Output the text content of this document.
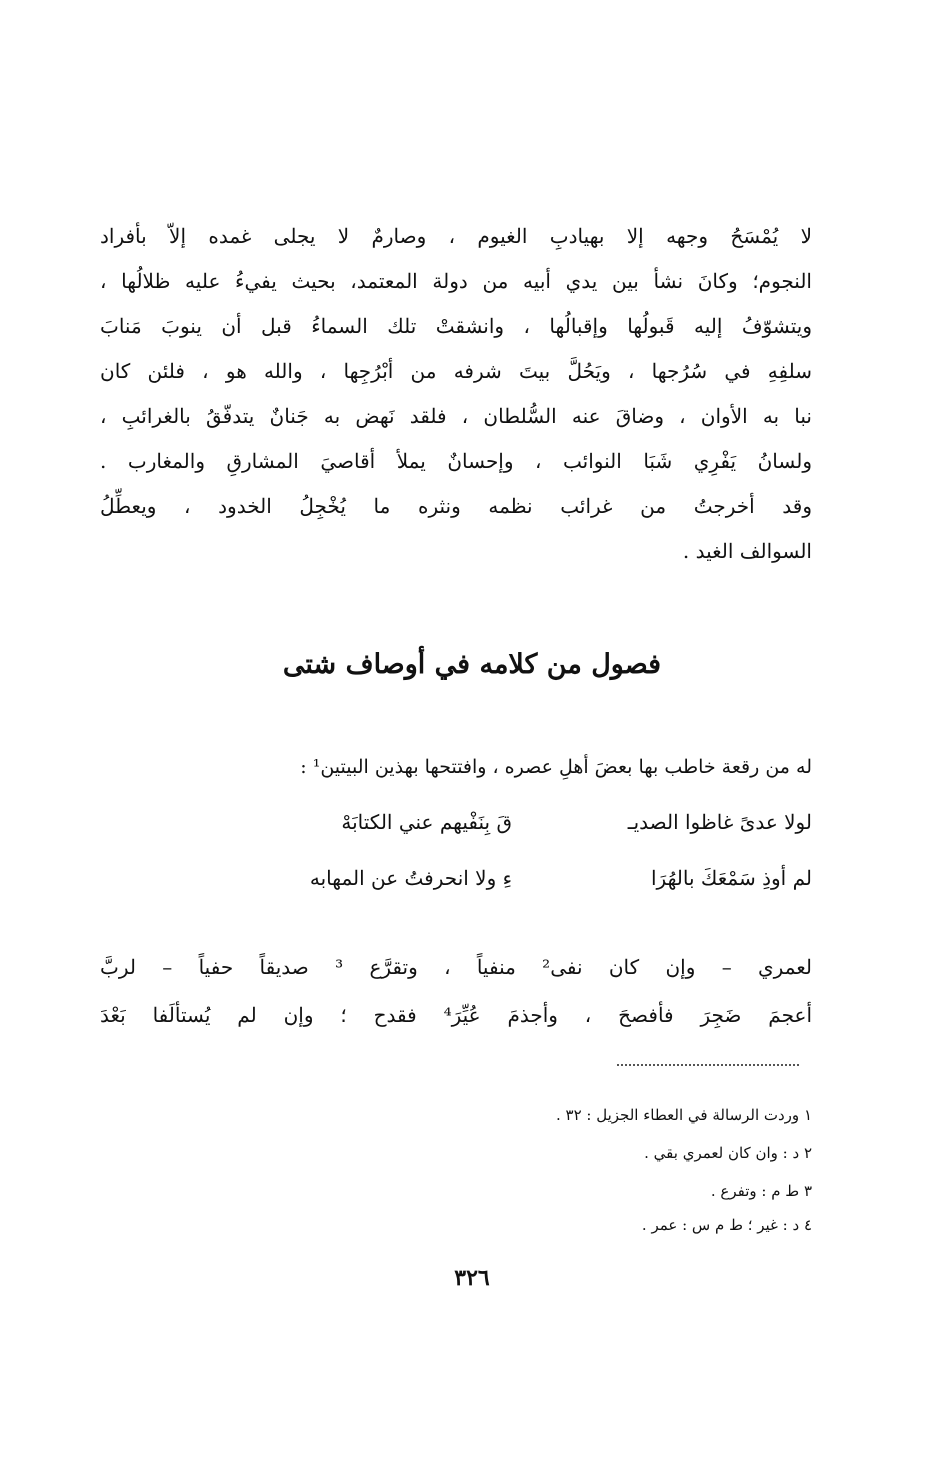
لا يُمْسَحُ وجهه إلا بهيادبِ الغيوم ، وصارمٌ لا يجلى غمده إلاّ بأفراد
النجوم؛ وكانَ نشأ بين يدي أبيه من دولة المعتمد، بحيث يفيءُ عليه ظلالُها ،
ويتشوّفُ إليه قَبولُها وإقبالُها ، وانشقتْ تلك السماءُ قبل أن ينوبَ مَنابَ
سلفِهِ في سُرُجها ، ويَحُلَّ بيتَ شرفه من أبْرُجِها ، والله هو ، فلئن كان
نبا به الأوان ، وضاقَ عنه السُّلطان ، فلقد نَهض به جَنانٌ يتدفّقُ بالغرائبِ ،
ولسانُ يَفْرِي شَبَا النوائب ، وإحسانٌ يملأ أقاصيَ المشارقِ والمغارب .
وقد أخرجتُ من غرائب نظمه ونثره ما يُخْجِلُ الخدود ، ويعطِّلُ
السوالف الغيد .
فصول من كلامه في أوصاف شتى

له من رقعة خاطب بها بعضَ أهلِ عصره ، وافتتحها بهذين البيتين¹ :

لولا عدىً غاظوا الصديـ
قَ بِنَفْيهم عني الكتابَهْ
لم أوذِ سَمْعَكَ بالهُرَا
ءِ ولا انحرفتُ عن المهابه
لعمري – وإن كان نفى² منفياً ، وتقرَّع ³ صديقاً حفياً – لربَّ
أعجمَ ضَجِرَ فأفصحَ ، وأجذمَ عُيِّرَ⁴ فقدح ؛ وإن لم يُستألَفا بَعْدَ

١ وردت الرسالة في العطاء الجزيل : ٣٢ .

٢ د : وان كان لعمري بقي .

٣ ط م : وتفرع .

٤ د : غير ؛ ط م س : عمر .

٣٢٦
